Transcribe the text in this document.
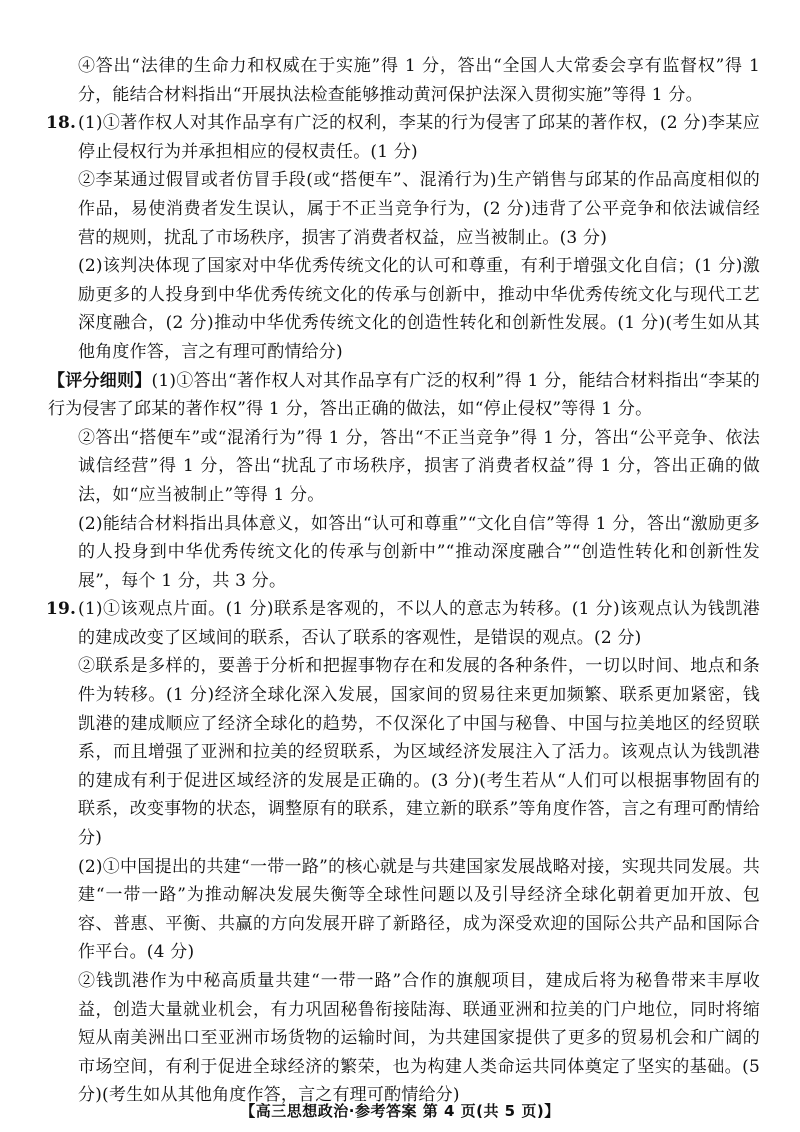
④答出“法律的生命力和权威在于实施”得 1 分，答出“全国人大常委会享有监督权”得 1 分，能结合材料指出“开展执法检查能够推动黄河保护法深入贯彻实施”等得 1 分。

18. (1)①著作权人对其作品享有广泛的权利，李某的行为侵害了邱某的著作权，(2 分)李某应停止侵权行为并承担相应的侵权责任。(1 分)

②李某通过假冒或者仿冒手段(或“搭便车”、混淆行为)生产销售与邱某的作品高度相似的作品，易使消费者发生误认，属于不正当竞争行为，(2 分)违背了公平竞争和依法诚信经营的规则，扰乱了市场秩序，损害了消费者权益，应当被制止。(3 分)

(2)该判决体现了国家对中华优秀传统文化的认可和尊重，有利于增强文化自信；(1 分)激励更多的人投身到中华优秀传统文化的传承与创新中，推动中华优秀传统文化与现代工艺深度融合，(2 分)推动中华优秀传统文化的创造性转化和创新性发展。(1 分)(考生如从其他角度作答，言之有理可酌情给分)

【评分细则】(1)①答出“著作权人对其作品享有广泛的权利”得 1 分，能结合材料指出“李某的行为侵害了邱某的著作权”得 1 分，答出正确的做法，如“停止侵权”等得 1 分。

②答出“搭便车”或“混淆行为”得 1 分，答出“不正当竞争”得 1 分，答出“公平竞争、依法诚信经营”得 1 分，答出“扰乱了市场秩序，损害了消费者权益”得 1 分，答出正确的做法，如“应当被制止”等得 1 分。

(2)能结合材料指出具体意义，如答出“认可和尊重”“文化自信”等得 1 分，答出“激励更多的人投身到中华优秀传统文化的传承与创新中”“推动深度融合”“创造性转化和创新性发展”，每个 1 分，共 3 分。

19. (1)①该观点片面。(1 分)联系是客观的，不以人的意志为转移。(1 分)该观点认为钱凯港的建成改变了区域间的联系，否认了联系的客观性，是错误的观点。(2 分)

②联系是多样的，要善于分析和把握事物存在和发展的各种条件，一切以时间、地点和条件为转移。(1 分)经济全球化深入发展，国家间的贸易往来更加频繁、联系更加紧密，钱凯港的建成顺应了经济全球化的趋势，不仅深化了中国与秘鲁、中国与拉美地区的经贸联系，而且增强了亚洲和拉美的经贸联系，为区域经济发展注入了活力。该观点认为钱凯港的建成有利于促进区域经济的发展是正确的。(3 分)(考生若从“人们可以根据事物固有的联系，改变事物的状态，调整原有的联系，建立新的联系”等角度作答，言之有理可酌情给分)

(2)①中国提出的共建“一带一路”的核心就是与共建国家发展战略对接，实现共同发展。共建“一带一路”为推动解决发展失衡等全球性问题以及引导经济全球化朝着更加开放、包容、普惠、平衡、共赢的方向发展开辟了新路径，成为深受欢迎的国际公共产品和国际合作平台。(4 分)

②钱凯港作为中秘高质量共建“一带一路”合作的旗舰项目，建成后将为秘鲁带来丰厚收益，创造大量就业机会，有力巩固秘鲁衔接陆海、联通亚洲和拉美的门户地位，同时将缩短从南美洲出口至亚洲市场货物的运输时间，为共建国家提供了更多的贸易机会和广阔的市场空间，有利于促进全球经济的繁荣，也为构建人类命运共同体奠定了坚实的基础。(5 分)(考生如从其他角度作答，言之有理可酌情给分)

【高三思想政治·参考答案 第 4 页(共 5 页)】
